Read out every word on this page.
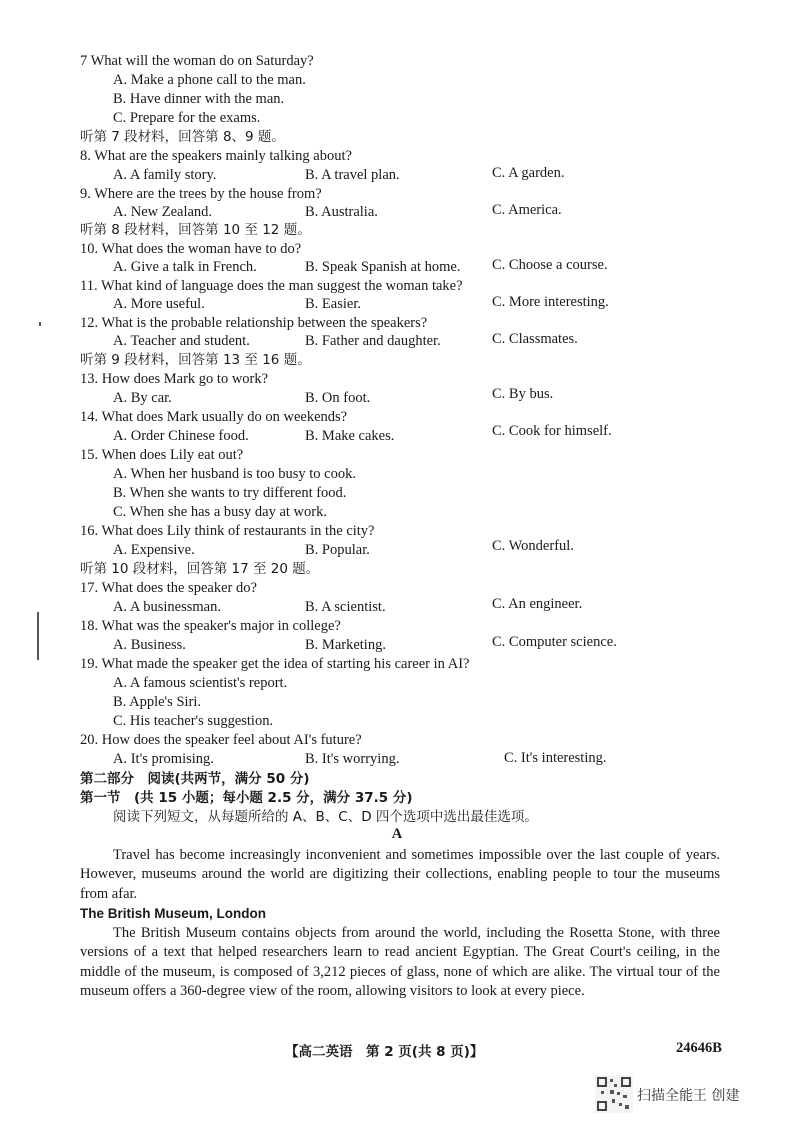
7 What will the woman do on Saturday?
A. Make a phone call to the man.
B. Have dinner with the man.
C. Prepare for the exams.
听第 7 段材料，回答第 8、9 题。
8. What are the speakers mainly talking about?
A. A family story.	B. A travel plan.	C. A garden.
9. Where are the trees by the house from?
A. New Zealand.	B. Australia.	C. America.
听第 8 段材料，回答第 10 至 12 题。
10. What does the woman have to do?
A. Give a talk in French.	B. Speak Spanish at home. C. Choose a course.
11. What kind of language does the man suggest the woman take?
A. More useful.	B. Easier.	C. More interesting.
12. What is the probable relationship between the speakers?
A. Teacher and student.	B. Father and daughter.	C. Classmates.
听第 9 段材料，回答第 13 至 16 题。
13. How does Mark go to work?
A. By car.	B. On foot.	C. By bus.
14. What does Mark usually do on weekends?
A. Order Chinese food.	B. Make cakes.	C. Cook for himself.
15. When does Lily eat out?
A. When her husband is too busy to cook.
B. When she wants to try different food.
C. When she has a busy day at work.
16. What does Lily think of restaurants in the city?
A. Expensive.	B. Popular.	C. Wonderful.
听第 10 段材料，回答第 17 至 20 题。
17. What does the speaker do?
A. A businessman.	B. A scientist.	C. An engineer.
18. What was the speaker's major in college?
A. Business.	B. Marketing.	C. Computer science.
19. What made the speaker get the idea of starting his career in AI?
A. A famous scientist's report.
B. Apple's Siri.
C. His teacher's suggestion.
20. How does the speaker feel about AI's future?
A. It's promising.	B. It's worrying.	C. It's interesting.
第二部分　阅读(共两节，满分 50 分)
第一节　(共 15 小题；每小题 2.5 分，满分 37.5 分)
阅读下列短文，从每题所给的 A、B、C、D 四个选项中选出最佳选项。
A
Travel has become increasingly inconvenient and sometimes impossible over the last couple of years. However, museums around the world are digitizing their collections, enabling people to tour the museums from afar.
The British Museum, London
The British Museum contains objects from around the world, including the Rosetta Stone, with three versions of a text that helped researchers learn to read ancient Egyptian. The Great Court's ceiling, in the middle of the museum, is composed of 3,212 pieces of glass, none of which are alike. The virtual tour of the museum offers a 360-degree view of the room, allowing visitors to look at every piece.
【高二英语　第 2 页(共 8 页)】	24646B
扫描全能王 创建
